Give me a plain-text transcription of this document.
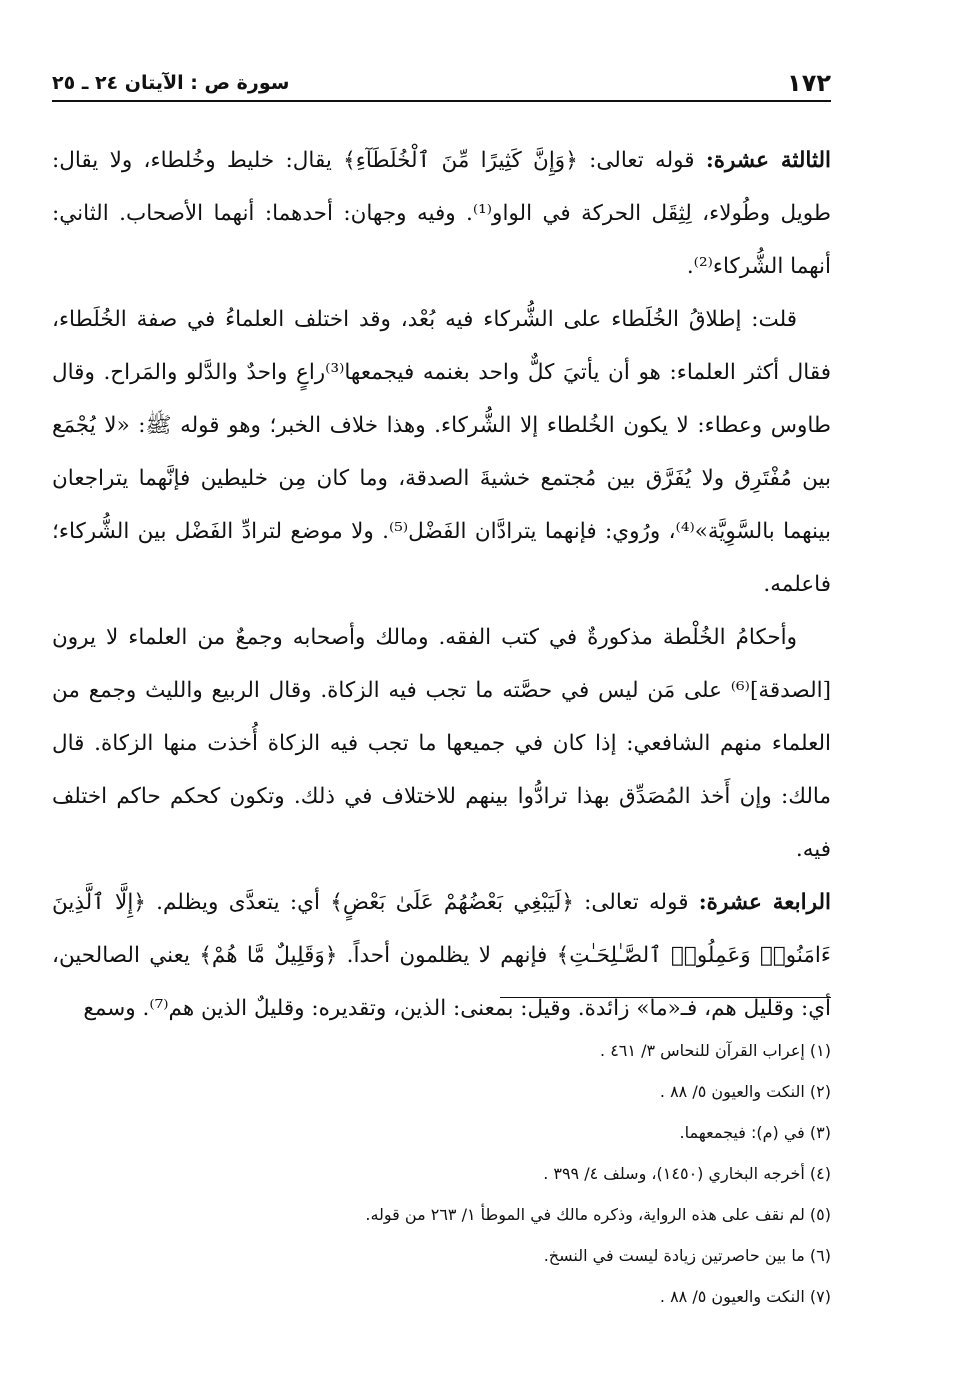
١٧٢
سورة ص : الآيتان ٢٤ ـ ٢٥

الثالثة عشرة: قوله تعالى: ﴿وَإِنَّ كَثِيرًا مِّنَ ٱلْخُلَطَآءِ﴾ يقال: خليط وخُلطاء، ولا يقال: طويل وطُولاء، لِثِقَل الحركة في الواو⁽¹⁾. وفيه وجهان: أحدهما: أنهما الأصحاب. الثاني: أنهما الشُّركاء⁽²⁾.

قلت: إطلاقُ الخُلَطاء على الشُّركاء فيه بُعْد، وقد اختلف العلماءُ في صفة الخُلَطاء، فقال أكثر العلماء: هو أن يأتيَ كلٌّ واحد بغنمه فيجمعها⁽³⁾راعٍ واحدٌ والدَّلو والمَراح. وقال طاوس وعطاء: لا يكون الخُلطاء إلا الشُّركاء. وهذا خلاف الخبر؛ وهو قوله ﷺ: «لا يُجْمَع بين مُفْتَرِق ولا يُفَرَّق بين مُجتمع خشيةَ الصدقة، وما كان مِن خليطين فإنَّهما يتراجعان بينهما بالسَّوِيَّة»⁽⁴⁾، ورُوي: فإنهما يترادَّان الفَضْل⁽⁵⁾. ولا موضع لترادِّ الفَضْل بين الشُّركاء؛ فاعلمه.

وأحكامُ الخُلْطة مذكورةٌ في كتب الفقه. ومالك وأصحابه وجمعٌ من العلماء لا يرون [الصدقة]⁽⁶⁾ على مَن ليس في حصَّته ما تجب فيه الزكاة. وقال الربيع والليث وجمع من العلماء منهم الشافعي: إذا كان في جميعها ما تجب فيه الزكاة أُخذت منها الزكاة. قال مالك: وإن أَخذ المُصَدِّق بهذا ترادُّوا بينهم للاختلاف في ذلك. وتكون كحكم حاكم اختلف فيه.

الرابعة عشرة: قوله تعالى: ﴿لَيَبْغِي بَعْضُهُمْ عَلَىٰ بَعْضٍ﴾ أي: يتعدَّى ويظلم. ﴿إِلَّا ٱلَّذِينَ ءَامَنُوا۟ وَعَمِلُوا۟ ٱلصَّـٰلِحَـٰتِ﴾ فإنهم لا يظلمون أحداً. ﴿وَقَلِيلٌ مَّا هُمْ﴾ يعني الصالحين، أي: وقليل هم، فـ«ما» زائدة. وقيل: بمعنى: الذين، وتقديره: وقليلٌ الذين هم⁽⁷⁾. وسمع

(١) إعراب القرآن للنحاس ٣/ ٤٦١ .

(٢) النكت والعيون ٥/ ٨٨ .

(٣) في (م): فيجمعهما.

(٤) أخرجه البخاري (١٤٥٠)، وسلف ٤/ ٣٩٩ .

(٥) لم نقف على هذه الرواية، وذكره مالك في الموطأ ١/ ٢٦٣ من قوله.

(٦) ما بين حاصرتين زيادة ليست في النسخ.

(٧) النكت والعيون ٥/ ٨٨ .
